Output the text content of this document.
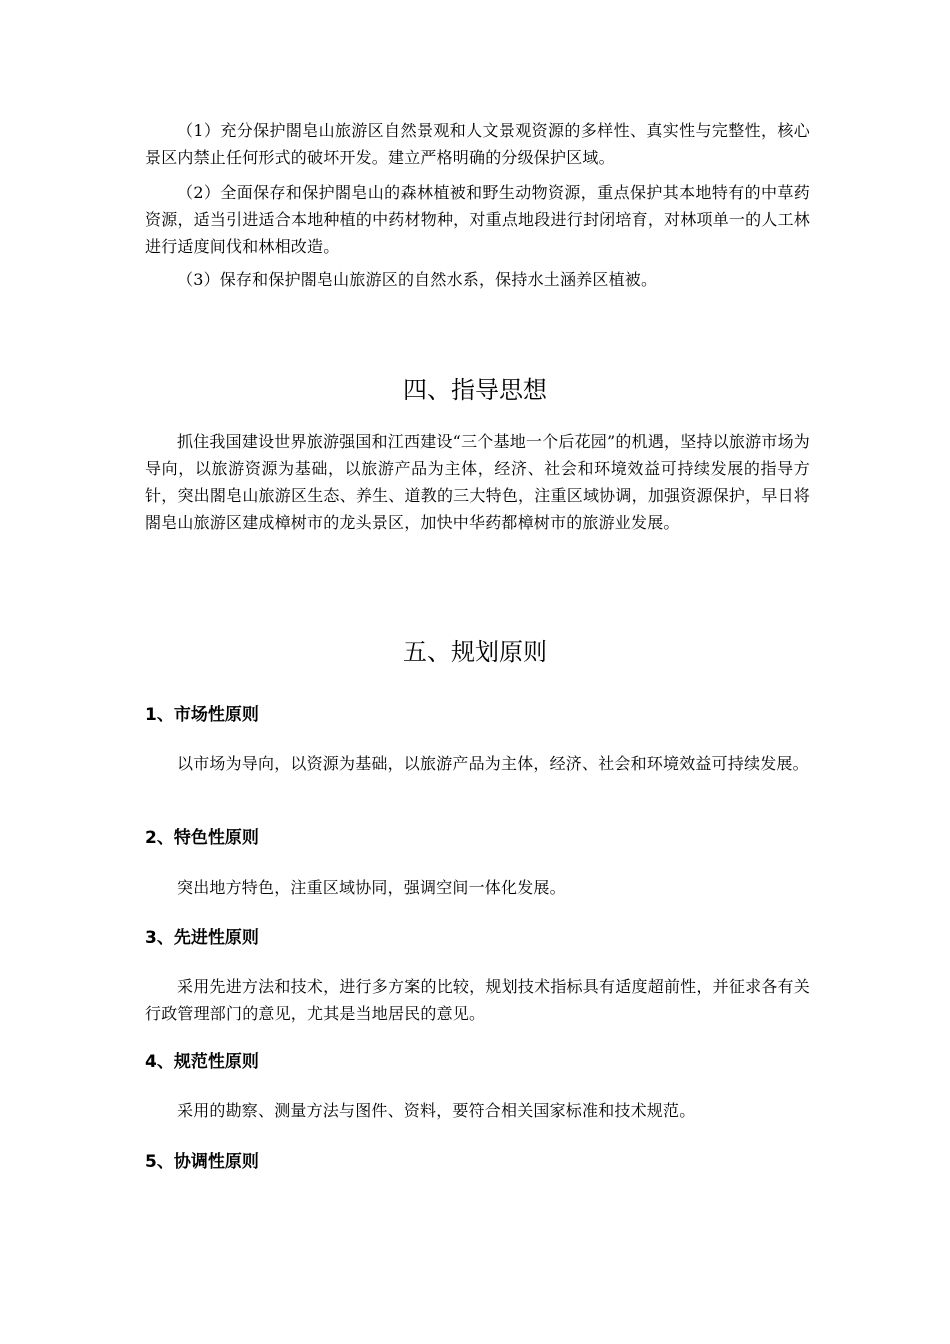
（1）充分保护閤皂山旅游区自然景观和人文景观资源的多样性、真实性与完整性，核心景区内禁止任何形式的破坏开发。建立严格明确的分级保护区域。

（2）全面保存和保护閤皂山的森林植被和野生动物资源，重点保护其本地特有的中草药资源，适当引进适合本地种植的中药材物种，对重点地段进行封闭培育，对林项单一的人工林进行适度间伐和林相改造。

（3）保存和保护閤皂山旅游区的自然水系，保持水土涵养区植被。

四、指导思想

抓住我国建设世界旅游强国和江西建设“三个基地一个后花园”的机遇，坚持以旅游市场为导向，以旅游资源为基础，以旅游产品为主体，经济、社会和环境效益可持续发展的指导方针，突出閤皂山旅游区生态、养生、道教的三大特色，注重区域协调，加强资源保护，早日将閤皂山旅游区建成樟树市的龙头景区，加快中华药都樟树市的旅游业发展。

五、规划原则
1、市场性原则

以市场为导向，以资源为基础，以旅游产品为主体，经济、社会和环境效益可持续发展。

2、特色性原则

突出地方特色，注重区域协同，强调空间一体化发展。

3、先进性原则

采用先进方法和技术，进行多方案的比较，规划技术指标具有适度超前性，并征求各有关行政管理部门的意见，尤其是当地居民的意见。

4、规范性原则

采用的勘察、测量方法与图件、资料，要符合相关国家标准和技术规范。

5、协调性原则
